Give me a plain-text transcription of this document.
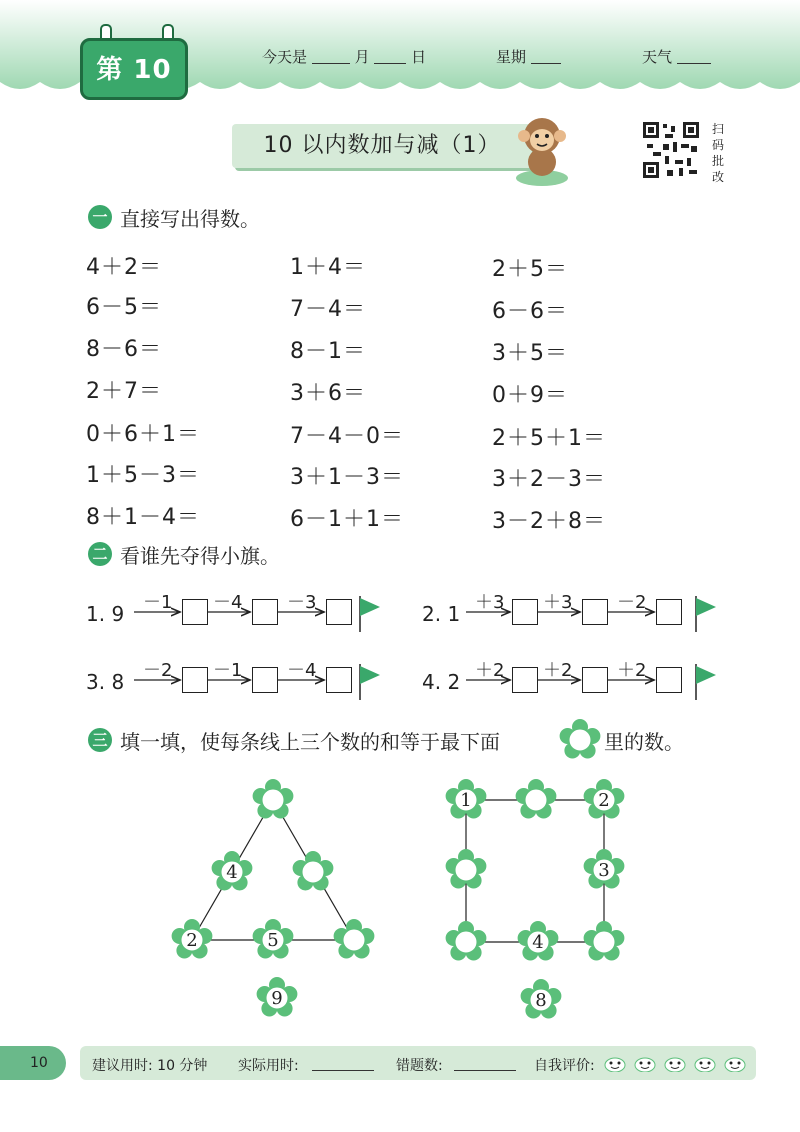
第 10 天
今天是	月	日	星期	天气
10 以内数加与减（1）
扫
码
批
改
一 直接写出得数。
4＋2＝	1＋4＝	2＋5＝
6－5＝	7－4＝	6－6＝
8－6＝	8－1＝	3＋5＝
2＋7＝	3＋6＝	0＋9＝
0＋6＋1＝	7－4－0＝	2＋5＋1＝
1＋5－3＝	3＋1－3＝	3＋2－3＝
8＋1－4＝	6－1＋1＝	3－2＋8＝
二 看谁先夺得小旗。
1. 9 －1 －4 －3	2. 1 ＋3 ＋3 －2
3. 8 －2 －1 －4	4. 2 ＋2 ＋2 ＋2
三 填一填，使每条线上三个数的和等于最下面	里的数。
4
2	5
9
1	2
3
4
8
10	建议用时: 10 分钟 实际用时:	错题数:	自我评价:
